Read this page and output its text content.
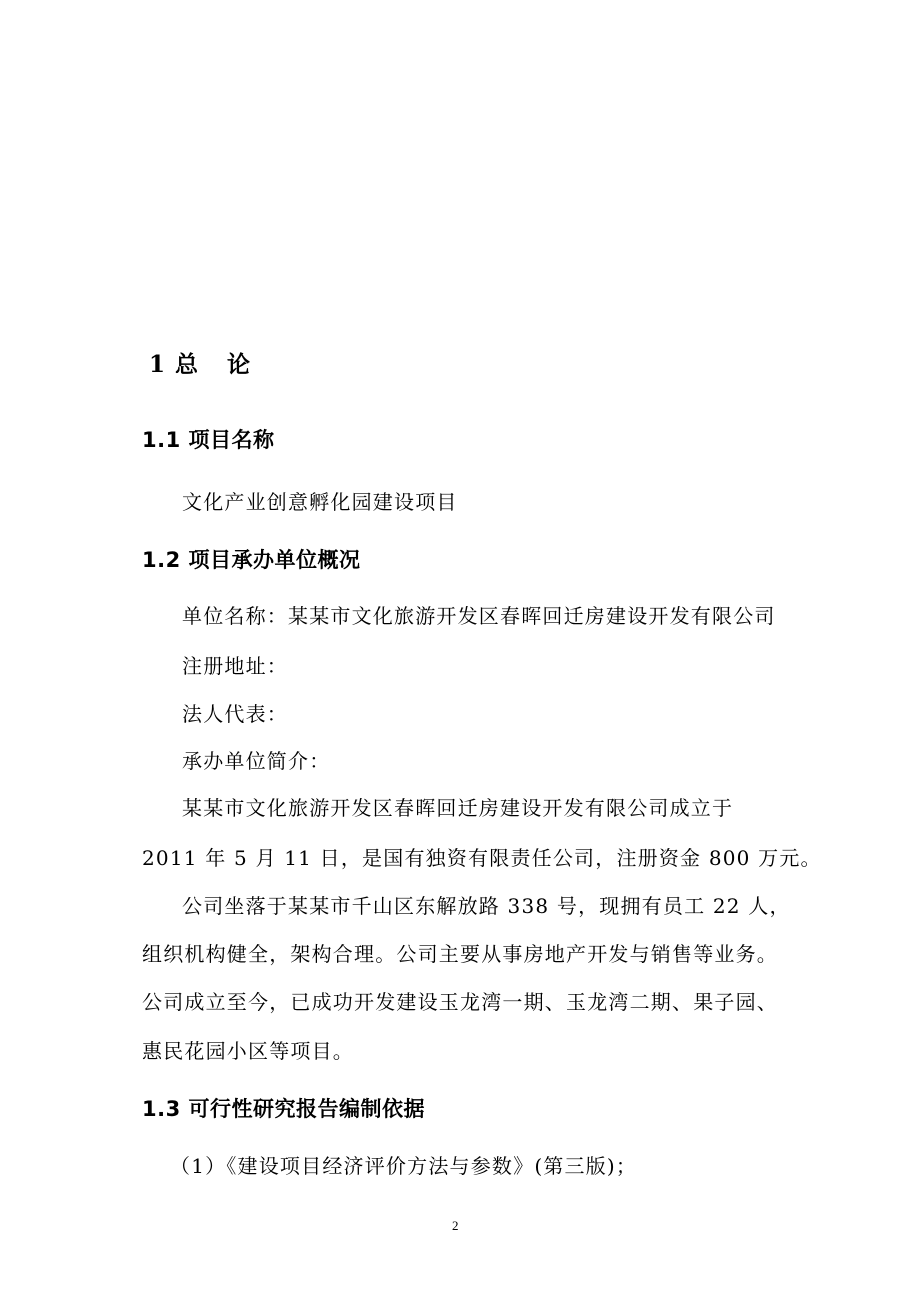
1 总 论
1.1 项目名称
文化产业创意孵化园建设项目
1.2 项目承办单位概况
单位名称：某某市文化旅游开发区春晖回迁房建设开发有限公司
注册地址：
法人代表：
承办单位简介：
某某市文化旅游开发区春晖回迁房建设开发有限公司成立于
2011 年 5 月 11 日，是国有独资有限责任公司，注册资金 800 万元。
公司坐落于某某市千山区东解放路 338 号，现拥有员工 22 人，
组织机构健全，架构合理。公司主要从事房地产开发与销售等业务。
公司成立至今，已成功开发建设玉龙湾一期、玉龙湾二期、果子园、
惠民花园小区等项目。
1.3 可行性研究报告编制依据
（1）《建设项目经济评价方法与参数》(第三版)；
2
